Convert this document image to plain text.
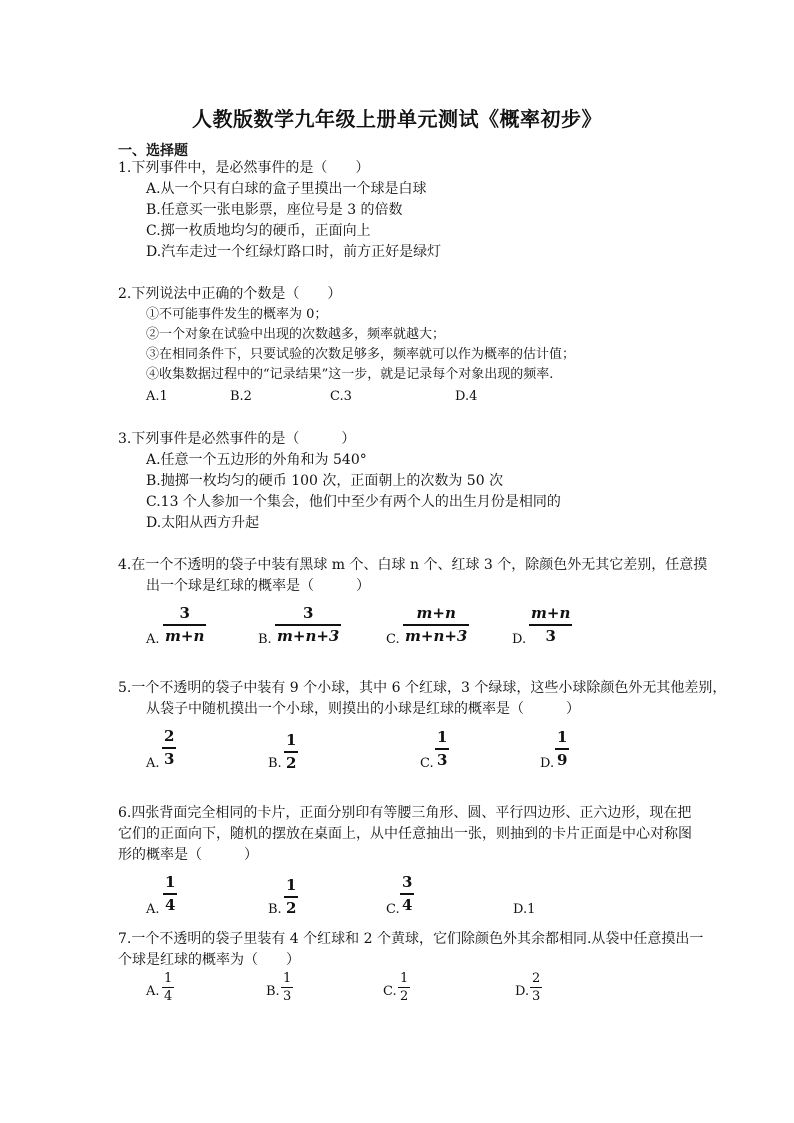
人教版数学九年级上册单元测试《概率初步》
一、选择题
1.下列事件中，是必然事件的是（　　）
A.从一个只有白球的盒子里摸出一个球是白球
B.任意买一张电影票，座位号是 3 的倍数
C.掷一枚质地均匀的硬币，正面向上
D.汽车走过一个红绿灯路口时，前方正好是绿灯
2.下列说法中正确的个数是（　　）
①不可能事件发生的概率为 0；
②一个对象在试验中出现的次数越多，频率就越大；
③在相同条件下，只要试验的次数足够多，频率就可以作为概率的估计值；
④收集数据过程中的“记录结果”这一步，就是记录每个对象出现的频率.
A.1	B.2	C.3	D.4
3.下列事件是必然事件的是（　　　）
A.任意一个五边形的外角和为 540°
B.抛掷一枚均匀的硬币 100 次，正面朝上的次数为 50 次
C.13 个人参加一个集会，他们中至少有两个人的出生月份是相同的
D.太阳从西方升起
4.在一个不透明的袋子中装有黑球 m 个、白球 n 个、红球 3 个，除颜色外无其它差别，任意摸
出一个球是红球的概率是（　　　）
A.	B.	C.	D.
3
m+n
3
m+n+3
m+n
m+n+3
m+n
3
5.一个不透明的袋子中装有 9 个小球，其中 6 个红球，3 个绿球，这些小球除颜色外无其他差别，
从袋子中随机摸出一个小球，则摸出的小球是红球的概率是（　　　）
A.	B.	C.	D.
2
3
1
2
1
3
1
9
6.四张背面完全相同的卡片，正面分别印有等腰三角形、圆、平行四边形、正六边形，现在把
它们的正面向下，随机的摆放在桌面上，从中任意抽出一张，则抽到的卡片正面是中心对称图
形的概率是（　　　）
A.	B.	C.	D.1
1
4
1
2
3
4
7.一个不透明的袋子里装有 4 个红球和 2 个黄球，它们除颜色外其余都相同.从袋中任意摸出一
个球是红球的概率为（　　）
A.	B.	C.	D.
1
4
1
3
1
2
2
3
